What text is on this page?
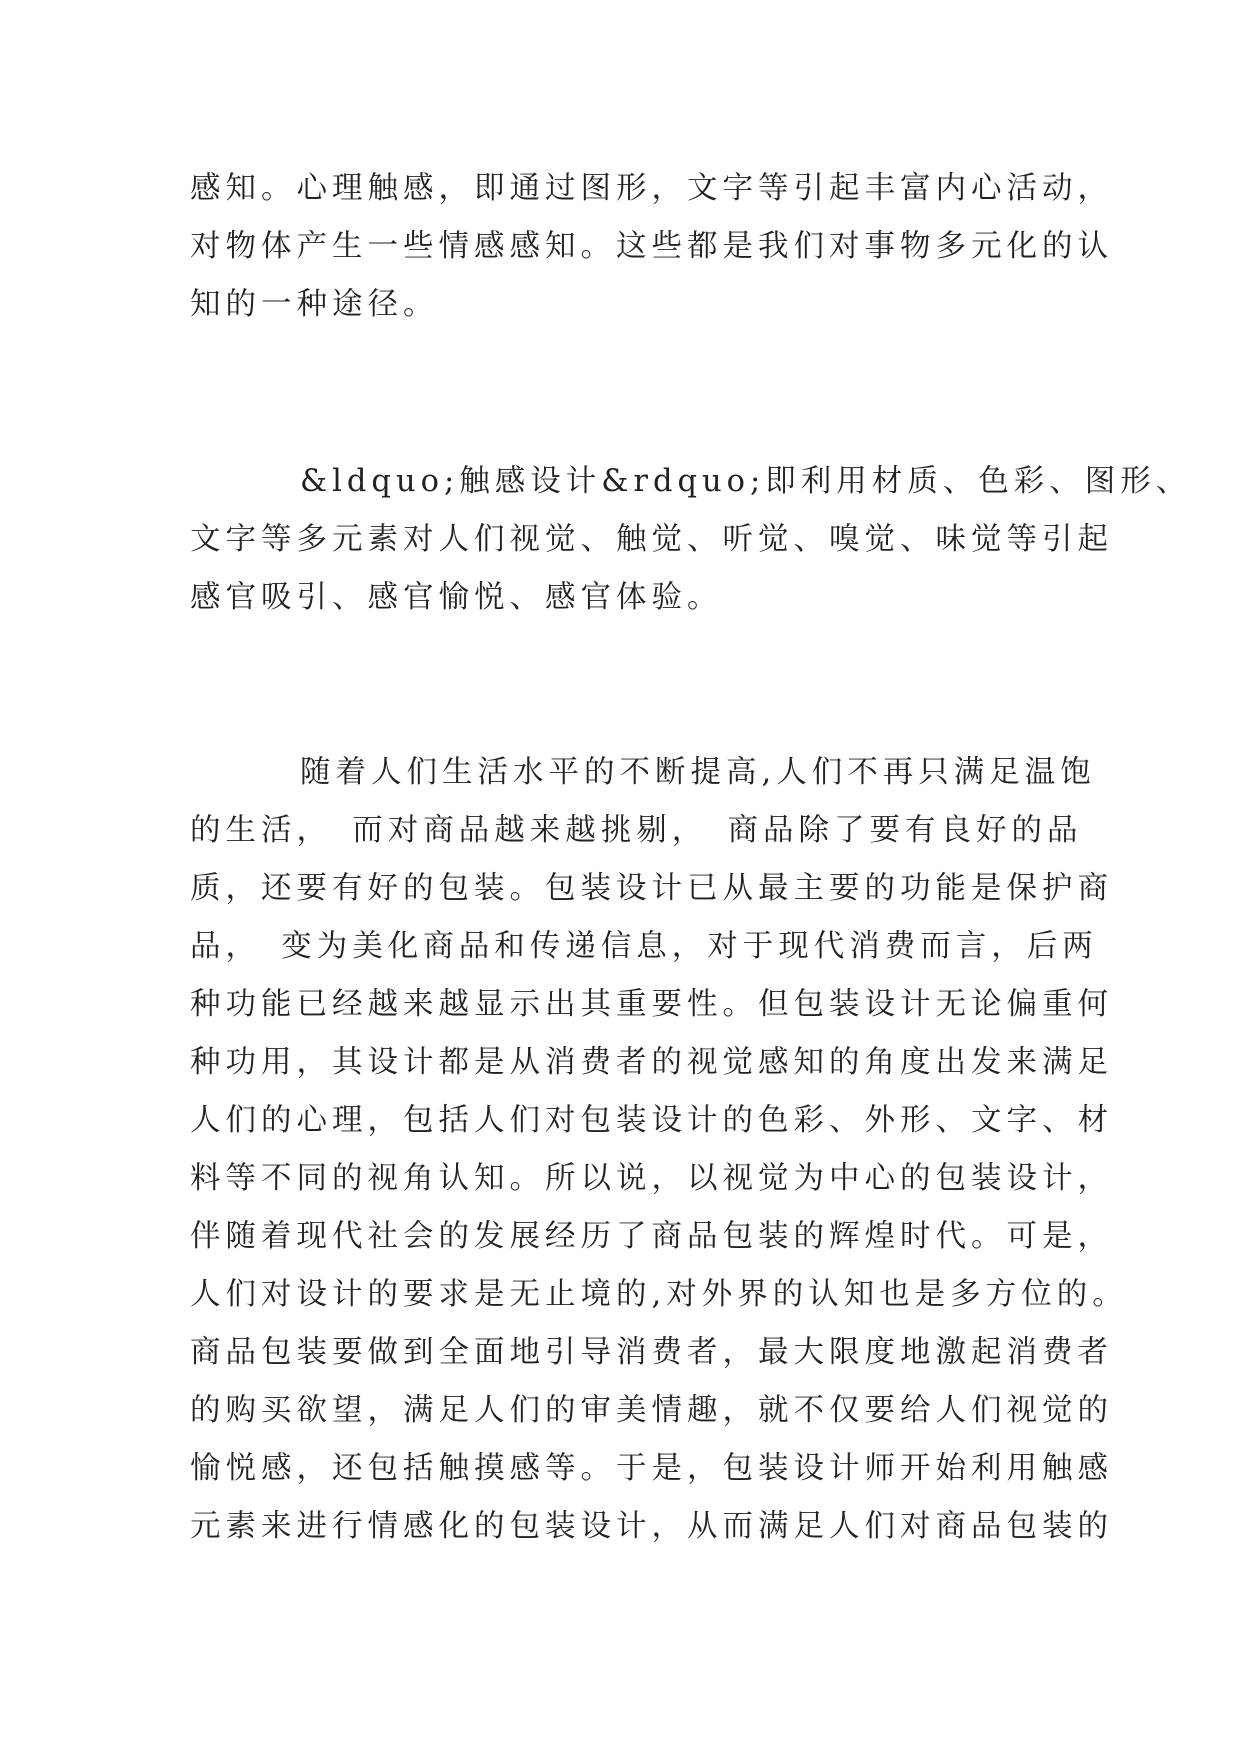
感知。心理触感，即通过图形，文字等引起丰富内心活动，
对物体产生一些情感感知。这些都是我们对事物多元化的认
知的一种途径。

&ldquo;触感设计&rdquo;即利用材质、色彩、图形、
文字等多元素对人们视觉、触觉、听觉、嗅觉、味觉等引起
感官吸引、感官愉悦、感官体验。

随着人们生活水平的不断提高,人们不再只满足温饱
的生活，　而对商品越来越挑剔，　商品除了要有良好的品
质，还要有好的包装。包装设计已从最主要的功能是保护商
品，　变为美化商品和传递信息，对于现代消费而言，后两
种功能已经越来越显示出其重要性。但包装设计无论偏重何
种功用，其设计都是从消费者的视觉感知的角度出发来满足
人们的心理，包括人们对包装设计的色彩、外形、文字、材
料等不同的视角认知。所以说，以视觉为中心的包装设计，
伴随着现代社会的发展经历了商品包装的辉煌时代。可是，
人们对设计的要求是无止境的,对外界的认知也是多方位的。
商品包装要做到全面地引导消费者，最大限度地激起消费者
的购买欲望，满足人们的审美情趣，就不仅要给人们视觉的
愉悦感，还包括触摸感等。于是，包装设计师开始利用触感
元素来进行情感化的包装设计，从而满足人们对商品包装的
